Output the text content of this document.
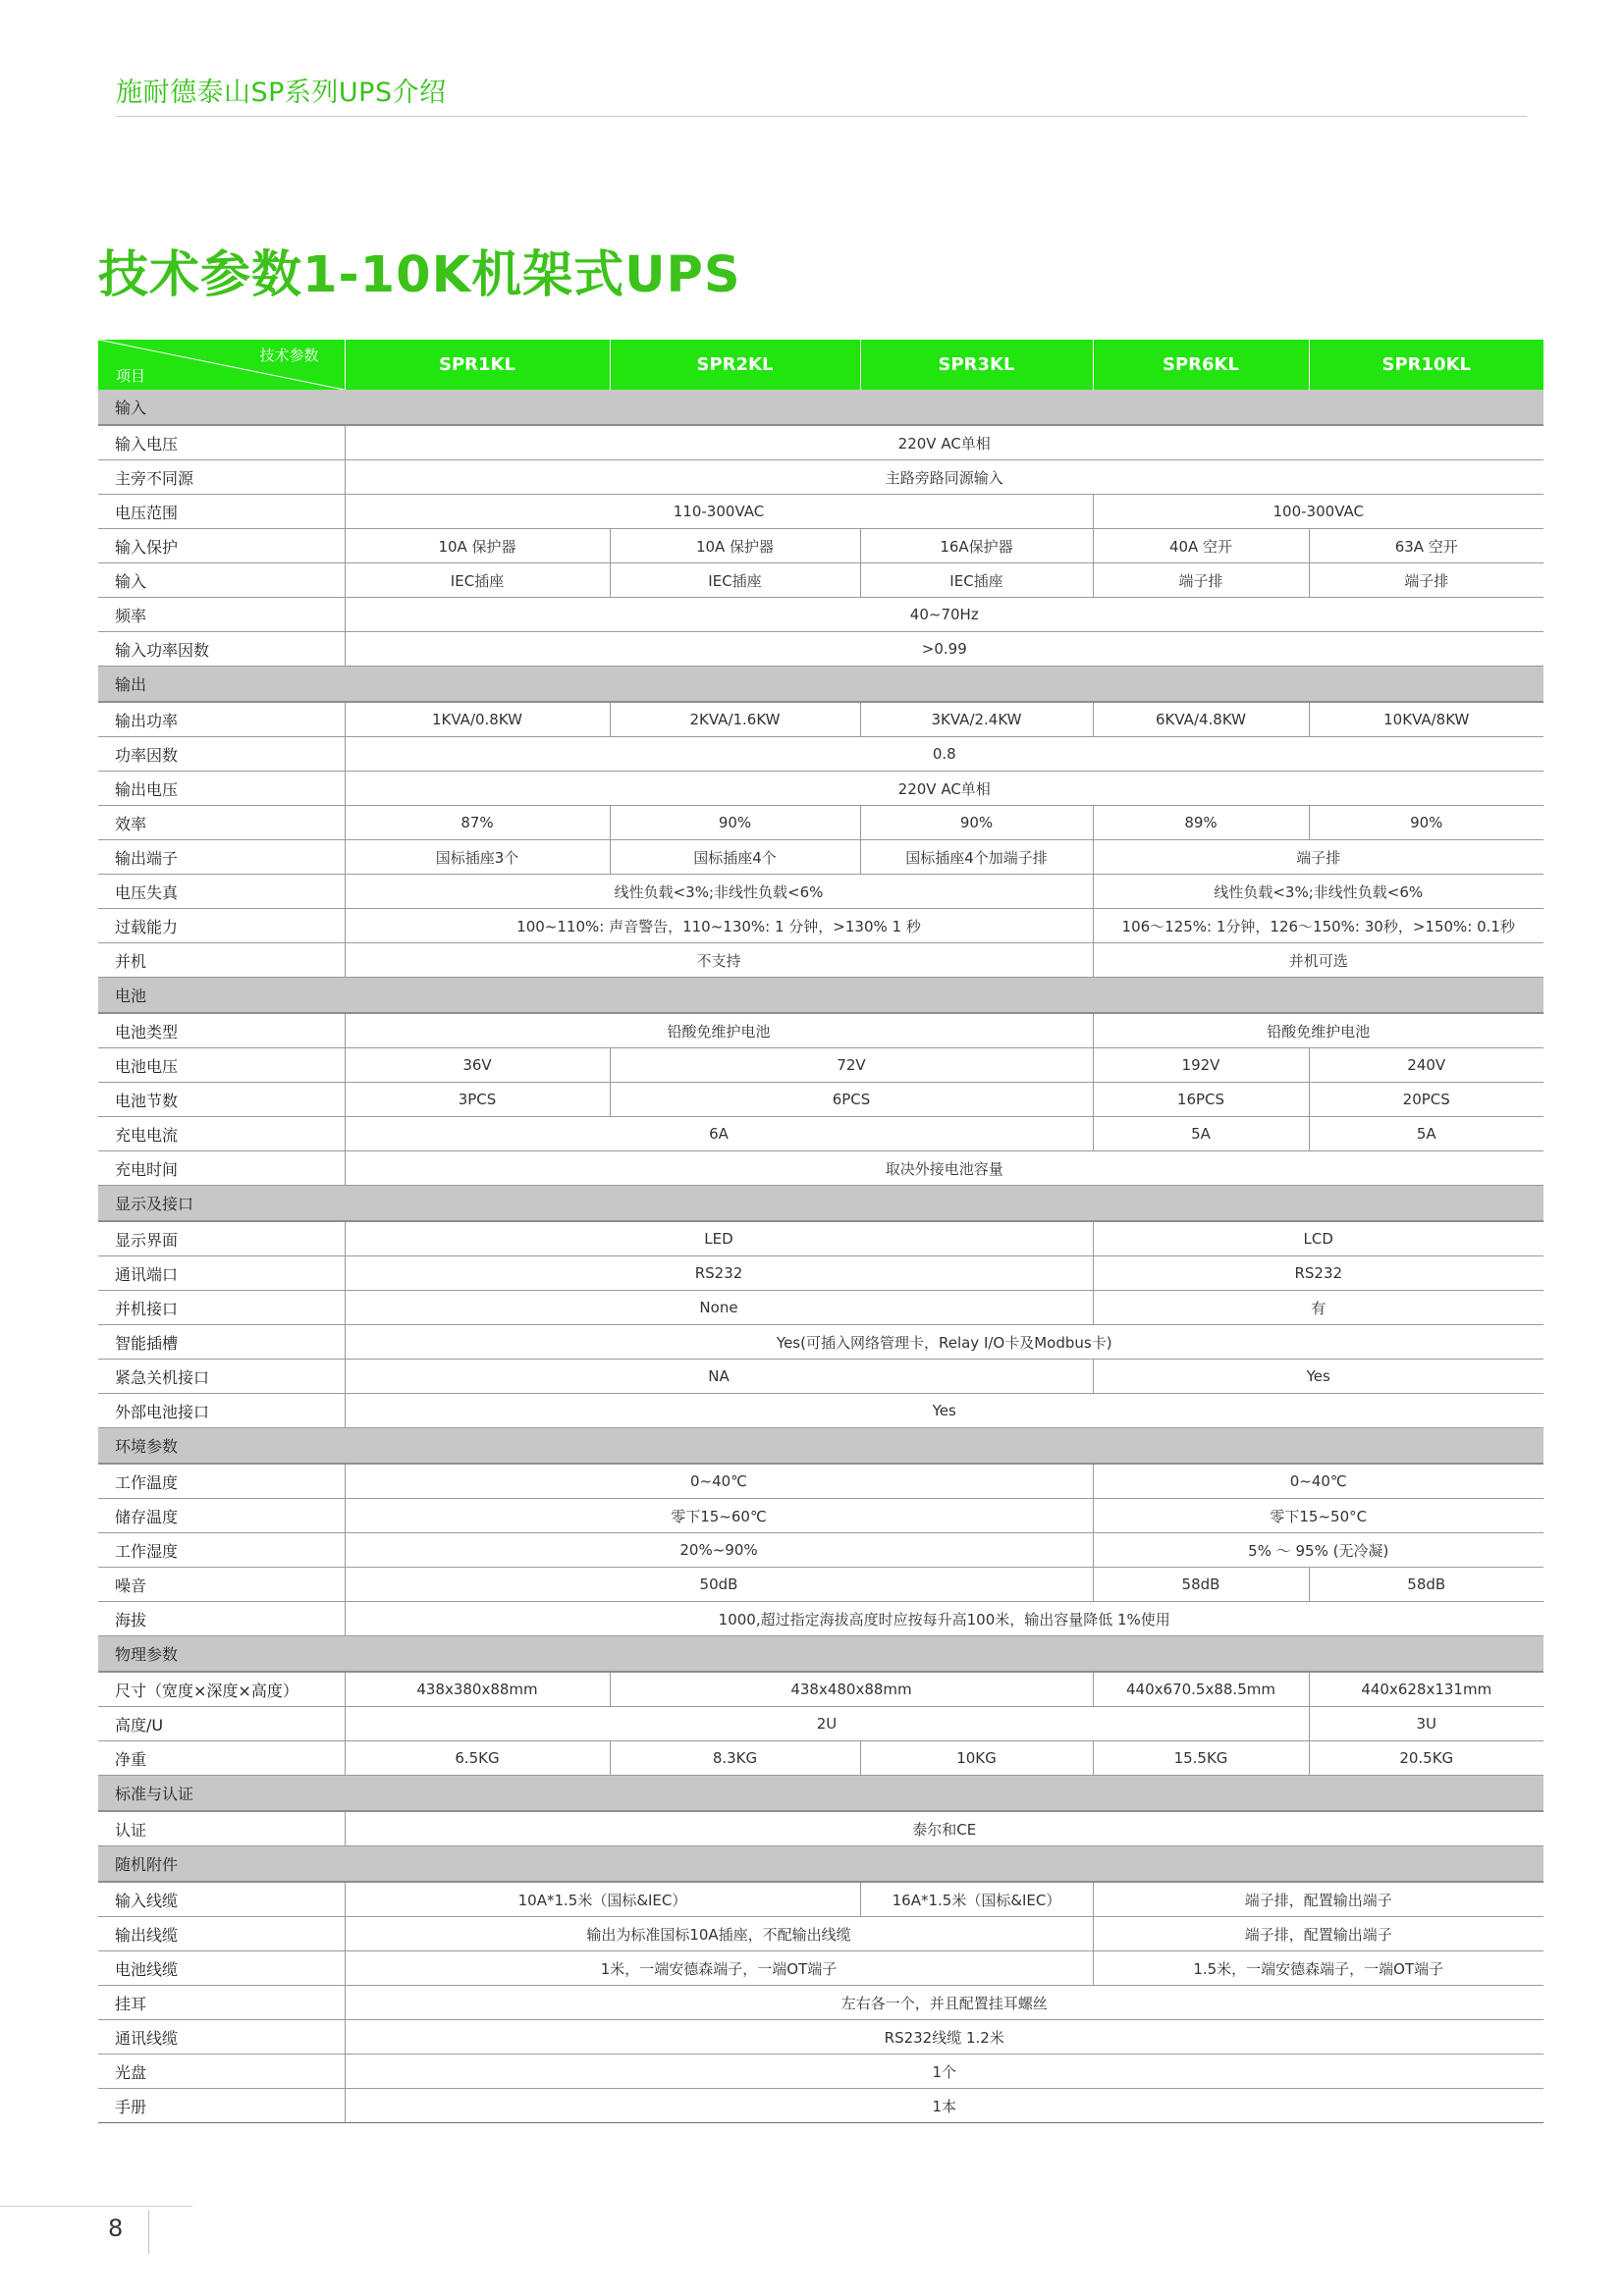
施耐德泰山SP系列UPS介绍
技术参数1-10K机架式UPS
技术参数
项目	SPR1KL	SPR2KL	SPR3KL	SPR6KL	SPR10KL
输入					
输入电压	220V AC单相				
主旁不同源	主路旁路同源输入				
电压范围	110-300VAC			100-300VAC	
输入保护	10A 保护器	10A 保护器	16A保护器	40A 空开	63A 空开
输入	IEC插座	IEC插座	IEC插座	端子排	端子排
频率	40~70Hz				
输入功率因数	>0.99				
输出					
输出功率	1KVA/0.8KW	2KVA/1.6KW	3KVA/2.4KW	6KVA/4.8KW	10KVA/8KW
功率因数	0.8				
输出电压	220V AC单相				
效率	87%	90%	90%	89%	90%
输出端子	国标插座3个	国标插座4个	国标插座4个加端子排	端子排	
电压失真	线性负载<3%;非线性负载<6%			线性负载<3%;非线性负载<6%	
过载能力	100~110%: 声音警告，110~130%: 1 分钟，>130% 1 秒			106～125%: 1分钟，126～150%: 30秒，>150%: 0.1秒	
并机	不支持			并机可选	
电池					
电池类型	铅酸免维护电池			铅酸免维护电池	
电池电压	36V	72V		192V	240V
电池节数	3PCS	6PCS		16PCS	20PCS
充电电流	6A			5A	5A
充电时间	取决外接电池容量				
显示及接口					
显示界面	LED			LCD	
通讯端口	RS232			RS232	
并机接口	None			有	
智能插槽	Yes(可插入网络管理卡，Relay I/O卡及Modbus卡)				
紧急关机接口	NA			Yes	
外部电池接口	Yes				
环境参数					
工作温度	0~40℃			0~40℃	
储存温度	零下15~60℃			零下15~50°C	
工作湿度	20%~90%			5% ～ 95% (无冷凝)	
噪音	50dB			58dB	58dB
海拔	1000,超过指定海拔高度时应按每升高100米，输出容量降低 1%使用				
物理参数					
尺寸（宽度×深度×高度）	438x380x88mm	438x480x88mm		440x670.5x88.5mm	440x628x131mm
高度/U	2U				3U
净重	6.5KG	8.3KG	10KG	15.5KG	20.5KG
标准与认证					
认证	泰尔和CE				
随机附件					
输入线缆	10A*1.5米（国标&IEC）		16A*1.5米（国标&IEC）	端子排，配置输出端子	
输出线缆	输出为标准国标10A插座，不配输出线缆			端子排，配置输出端子	
电池线缆	1米，一端安德森端子，一端OT端子			1.5米，一端安德森端子，一端OT端子	
挂耳	左右各一个，并且配置挂耳螺丝				
通讯线缆	RS232线缆 1.2米				
光盘	1个				
手册	1本				
8
